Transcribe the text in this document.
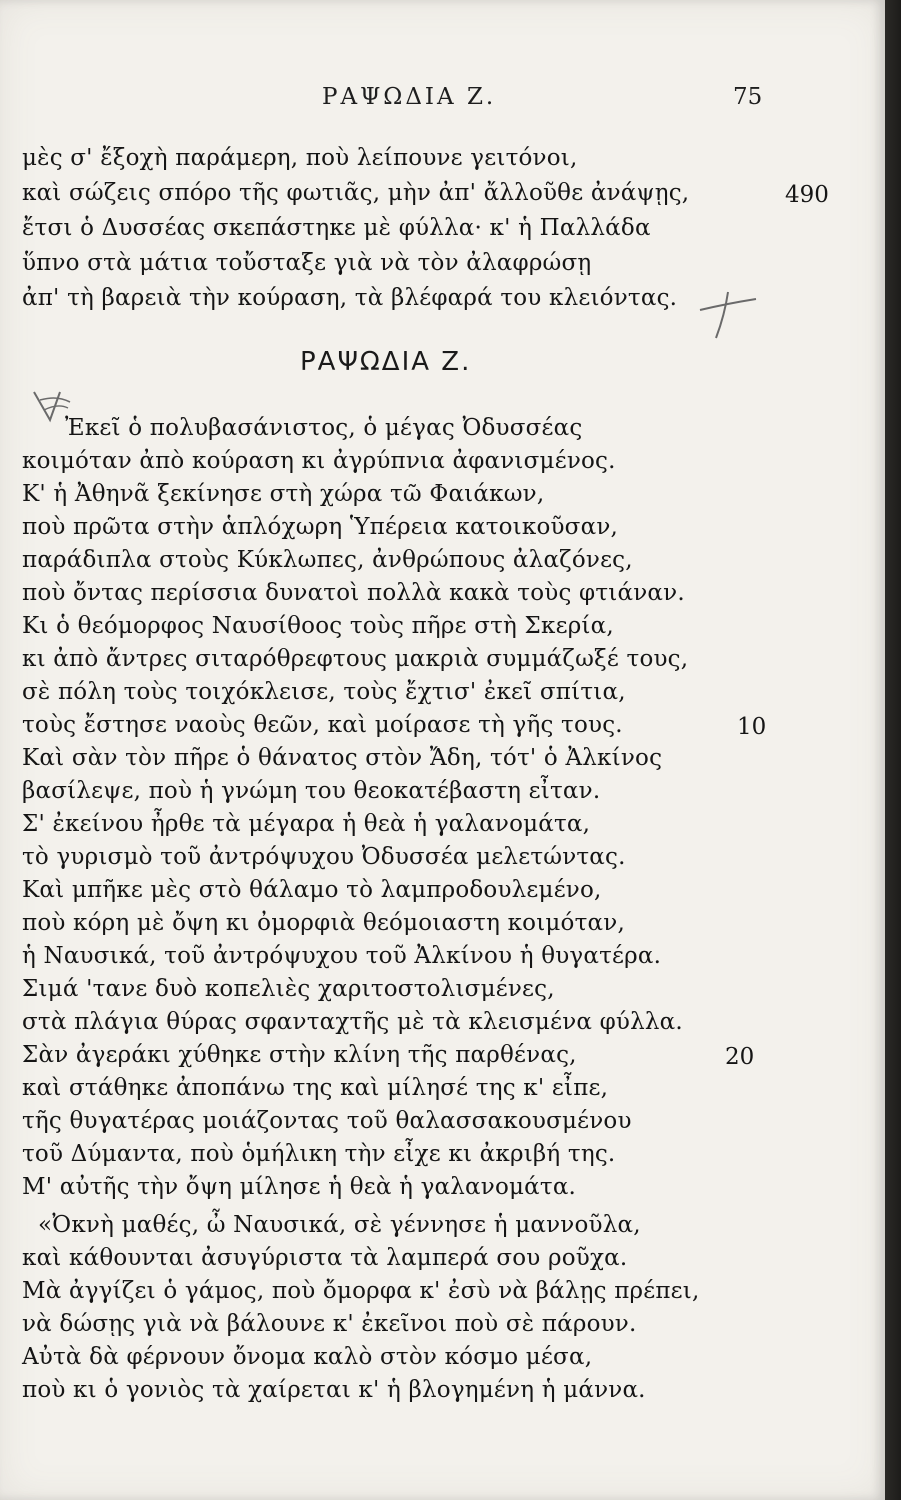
ΡΑΨΩΔΙΑ Ζ.	75
μὲς σ' ἔξοχὴ παράμερη, ποὺ λείπουνε γειτόνοι,
καὶ σώζεις σπόρο τῆς φωτιᾶς, μὴν ἀπ' ἄλλοῦθε ἀνάψῃς,
ἔτσι ὁ Δυσσέας σκεπάστηκε μὲ φύλλα· κ' ἡ Παλλάδα
ὕπνο στὰ μάτια τοὔσταξε γιὰ νὰ τὸν ἀλαφρώσῃ
ἀπ' τὴ βαρειὰ τὴν κούραση, τὰ βλέφαρά του κλειόντας.
490
ΡΑΨΩΔΙΑ Ζ.
Ἐκεῖ ὁ πολυβασάνιστος, ὁ μέγας Ὀδυσσέας
κοιμόταν ἀπὸ κούραση κι ἀγρύπνια ἀφανισμένος.
Κ' ἡ Ἀθηνᾶ ξεκίνησε στὴ χώρα τῶ Φαιάκων,
ποὺ πρῶτα στὴν ἁπλόχωρη Ὑπέρεια κατοικοῦσαν,
παράδιπλα στοὺς Κύκλωπες, ἀνθρώπους ἀλαζόνες,
ποὺ ὄντας περίσσια δυνατοὶ πολλὰ κακὰ τοὺς φτιάναν.
Κι ὁ θεόμορφος Ναυσίθοος τοὺς πῆρε στὴ Σκερία,
κι ἀπὸ ἄντρες σιταρόθρεφτους μακριὰ συμμάζωξέ τους,
σὲ πόλη τοὺς τοιχόκλεισε, τοὺς ἔχτισ' ἐκεῖ σπίτια,
τοὺς ἔστησε ναοὺς θεῶν, καὶ μοίρασε τὴ γῆς τους.
Καὶ σὰν τὸν πῆρε ὁ θάνατος στὸν Ἄδη, τότ' ὁ Ἀλκίνος
βασίλεψε, ποὺ ἡ γνώμη του θεοκατέβαστη εἶταν.
Σ' ἐκείνου ἦρθε τὰ μέγαρα ἡ θεὰ ἡ γαλανομάτα,
τὸ γυρισμὸ τοῦ ἀντρόψυχου Ὀδυσσέα μελετώντας.
Καὶ μπῆκε μὲς στὸ θάλαμο τὸ λαμπροδουλεμένο,
ποὺ κόρη μὲ ὄψη κι ὀμορφιὰ θεόμοιαστη κοιμόταν,
ἡ Ναυσικά, τοῦ ἀντρόψυχου τοῦ Ἀλκίνου ἡ θυγατέρα.
Σιμά 'τανε δυὸ κοπελιὲς χαριτοστολισμένες,
στὰ πλάγια θύρας σφανταχτῆς μὲ τὰ κλεισμένα φύλλα.
Σὰν ἀγεράκι χύθηκε στὴν κλίνη τῆς παρθένας,
καὶ στάθηκε ἀποπάνω της καὶ μίλησέ της κ' εἶπε,
τῆς θυγατέρας μοιάζοντας τοῦ θαλασσακουσμένου
τοῦ Δύμαντα, ποὺ ὁμήλικη τὴν εἶχε κι ἀκριβή της.
Μ' αὐτῆς τὴν ὄψη μίλησε ἡ θεὰ ἡ γαλανομάτα.
«Ὀκνὴ μαθές, ὦ Ναυσικά, σὲ γέννησε ἡ μαννοῦλα,
καὶ κάθουνται ἀσυγύριστα τὰ λαμπερά σου ροῦχα.
Μὰ ἀγγίζει ὁ γάμος, ποὺ ὄμορφα κ' ἐσὺ νὰ βάλῃς πρέπει,
νὰ δώσῃς γιὰ νὰ βάλουνε κ' ἐκεῖνοι ποὺ σὲ πάρουν.
Αὐτὰ δὰ φέρνουν ὄνομα καλὸ στὸν κόσμο μέσα,
ποὺ κι ὁ γονιὸς τὰ χαίρεται κ' ἡ βλογημένη ἡ μάννα.
10
20
